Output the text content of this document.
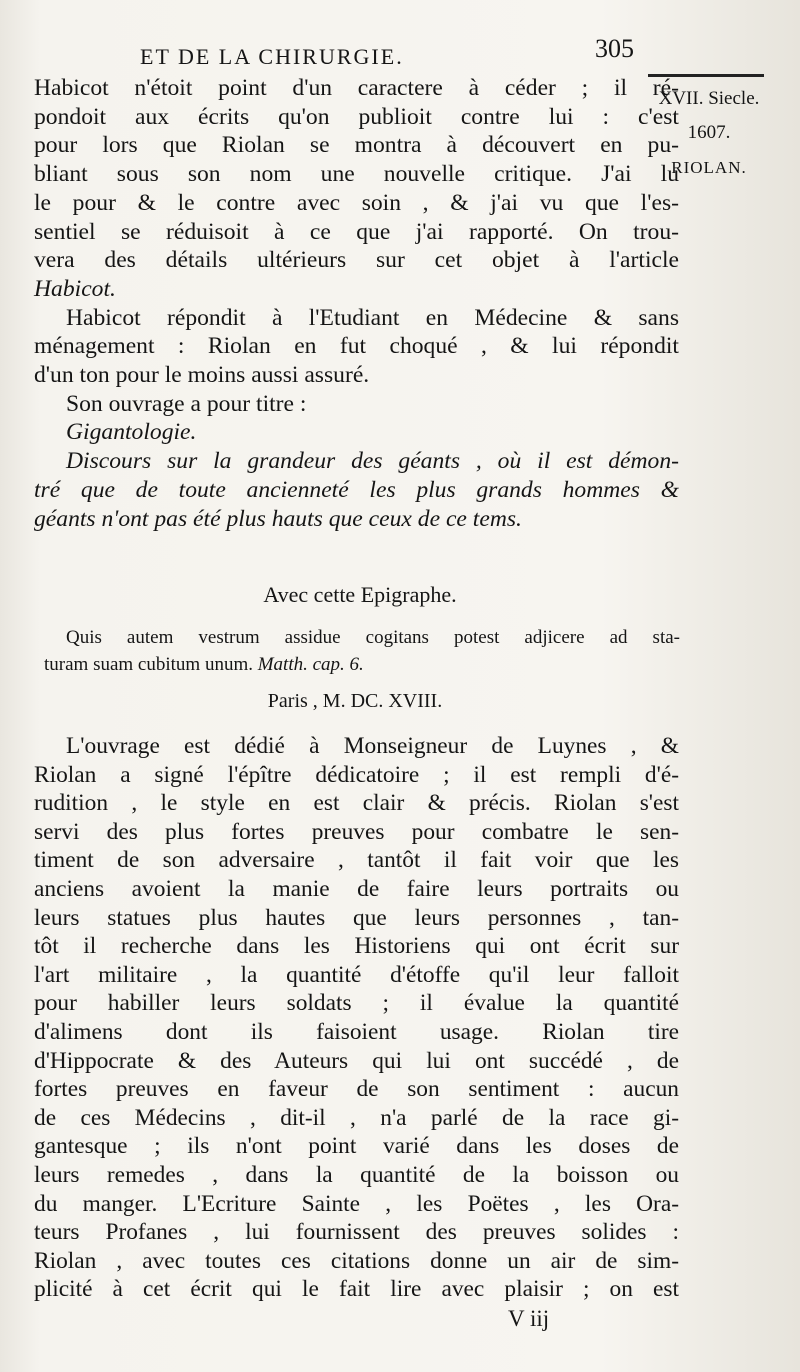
ET DE LA CHIRURGIE.	305
XVII. Siecle.
1607.
RIOLAN.
Habicot n'étoit point d'un caractere à céder ; il ré-
pondoit aux écrits qu'on publioit contre lui : c'est
pour lors que Riolan se montra à découvert en pu-
bliant sous son nom une nouvelle critique. J'ai lu
le pour & le contre avec soin , & j'ai vu que l'es-
sentiel se réduisoit à ce que j'ai rapporté. On trou-
vera des détails ultérieurs sur cet objet à l'article
Habicot.
Habicot répondit à l'Etudiant en Médecine & sans
ménagement : Riolan en fut choqué , & lui répondit
d'un ton pour le moins aussi assuré.
Son ouvrage a pour titre :
Gigantologie.
Discours sur la grandeur des géants , où il est démon-
tré que de toute ancienneté les plus grands hommes &
géants n'ont pas été plus hauts que ceux de ce tems.
Avec cette Epigraphe.
Quis autem vestrum assidue cogitans potest adjicere ad sta-
turam suam cubitum unum. Matth. cap. 6.
Paris , M. DC. XVIII.
L'ouvrage est dédié à Monseigneur de Luynes , &
Riolan a signé l'épître dédicatoire ; il est rempli d'é-
rudition , le style en est clair & précis. Riolan s'est
servi des plus fortes preuves pour combatre le sen-
timent de son adversaire , tantôt il fait voir que les
anciens avoient la manie de faire leurs portraits ou
leurs statues plus hautes que leurs personnes , tan-
tôt il recherche dans les Historiens qui ont écrit sur
l'art militaire , la quantité d'étoffe qu'il leur falloit
pour habiller leurs soldats ; il évalue la quantité
d'alimens dont ils faisoient usage. Riolan tire
d'Hippocrate & des Auteurs qui lui ont succédé , de
fortes preuves en faveur de son sentiment : aucun
de ces Médecins , dit-il , n'a parlé de la race gi-
gantesque ; ils n'ont point varié dans les doses de
leurs remedes , dans la quantité de la boisson ou
du manger. L'Ecriture Sainte , les Poëtes , les Ora-
teurs Profanes , lui fournissent des preuves solides :
Riolan , avec toutes ces citations donne un air de sim-
plicité à cet écrit qui le fait lire avec plaisir ; on est
V iij
